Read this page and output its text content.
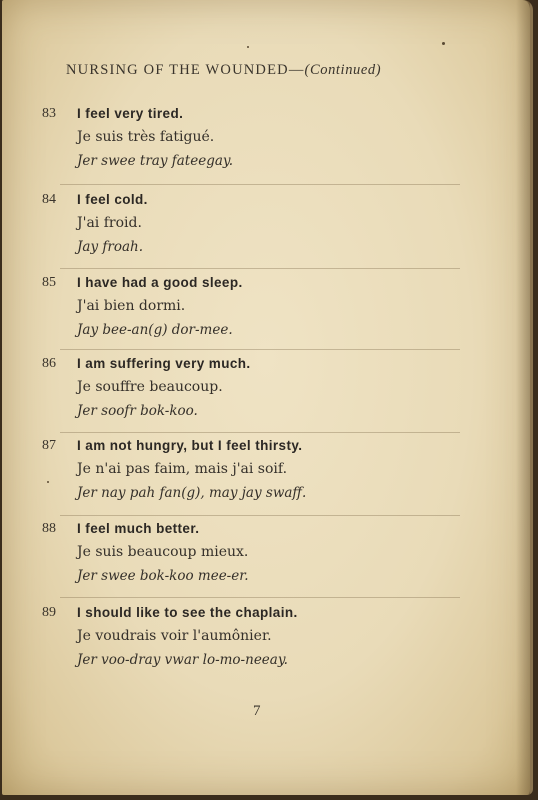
NURSING OF THE WOUNDED—(Continued)
83 I feel very tired.
Je suis très fatigué.
Jer swee tray fateegay.
84 I feel cold.
J'ai froid.
Jay froah.
85 I have had a good sleep.
J'ai bien dormi.
Jay bee-an(g) dor-mee.
86 I am suffering very much.
Je souffre beaucoup.
Jer soofr bok-koo.
87 I am not hungry, but I feel thirsty.
Je n'ai pas faim, mais j'ai soif.
Jer nay pah fan(g), may jay swaff.
88 I feel much better.
Je suis beaucoup mieux.
Jer swee bok-koo mee-er.
89 I should like to see the chaplain.
Je voudrais voir l'aumônier.
Jer voo-dray vwar lo-mo-neeay.
7
